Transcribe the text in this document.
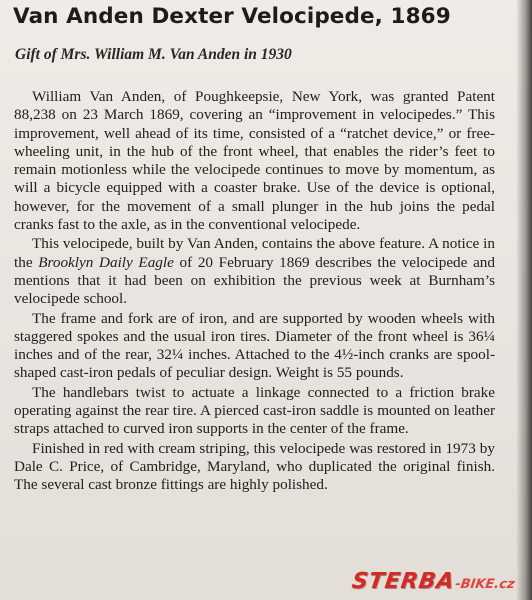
Van Anden Dexter Velocipede, 1869
Gift of Mrs. William M. Van Anden in 1930

William Van Anden, of Poughkeepsie, New York, was granted Patent 88,238 on 23 March 1869, covering an “improvement in velocipedes.” This improvement, well ahead of its time, consisted of a “ratchet device,” or free-wheeling unit, in the hub of the front wheel, that enables the rider’s feet to remain motionless while the velocipede continues to move by momentum, as will a bicycle equipped with a coaster brake. Use of the device is optional, however, for the movement of a small plunger in the hub joins the pedal cranks fast to the axle, as in the conventional velocipede.

This velocipede, built by Van Anden, contains the above feature. A notice in the Brooklyn Daily Eagle of 20 February 1869 describes the velocipede and mentions that it had been on exhibition the previous week at Burnham’s velocipede school.

The frame and fork are of iron, and are supported by wooden wheels with staggered spokes and the usual iron tires. Diameter of the front wheel is 36¼ inches and of the rear, 32¼ inches. Attached to the 4½-inch cranks are spool-shaped cast-iron pedals of peculiar design. Weight is 55 pounds.

The handlebars twist to actuate a linkage connected to a friction brake operating against the rear tire. A pierced cast-iron saddle is mounted on leather straps attached to curved iron supports in the center of the frame.

Finished in red with cream striping, this velocipede was restored in 1973 by Dale C. Price, of Cambridge, Maryland, who duplicated the original finish. The several cast bronze fittings are highly polished.

STERBA-BIKE.cz
